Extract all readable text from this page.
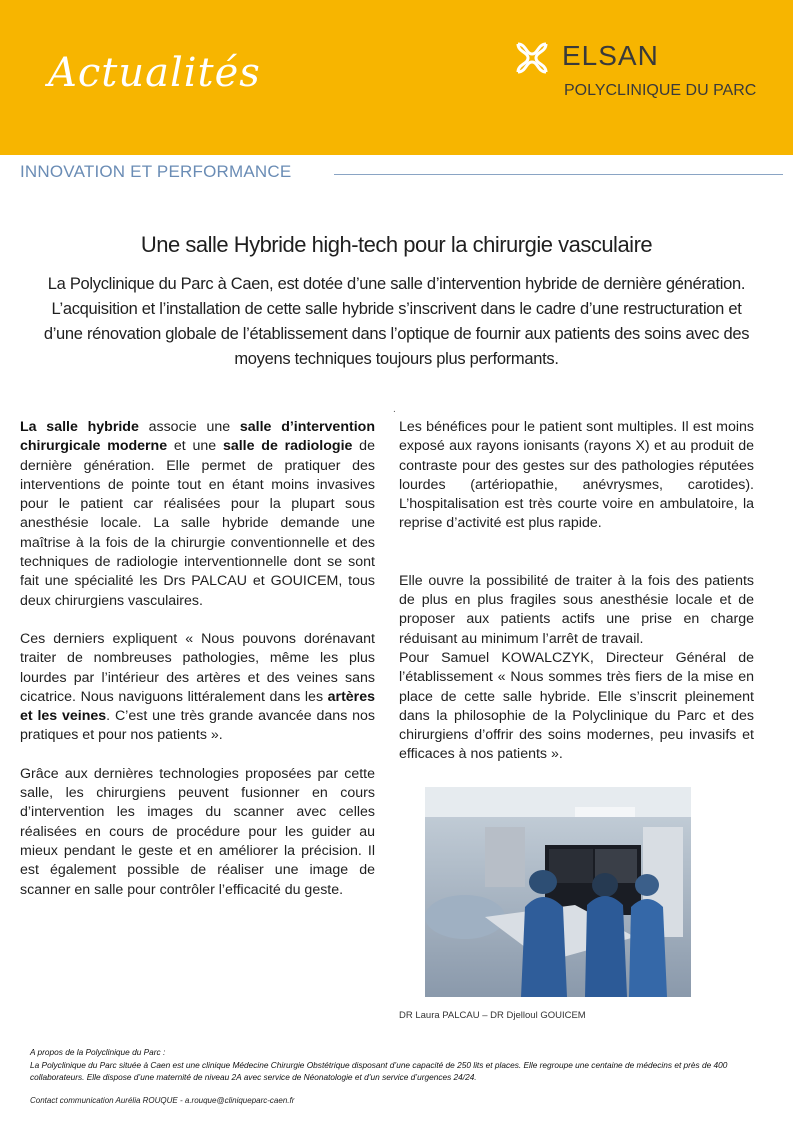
Actualités	ELSAN
POLYCLINIQUE DU PARC
INNOVATION ET PERFORMANCE
Une salle Hybride high-tech pour la chirurgie vasculaire
La Polyclinique du Parc à Caen, est dotée d’une salle d’intervention hybride de dernière génération. L’acquisition et l’installation de cette salle hybride s’inscrivent dans le cadre d’une restructuration et d’une rénovation globale de l’établissement dans l’optique de fournir aux patients des soins avec des moyens techniques toujours plus performants.
.

La salle hybride associe une salle d’intervention chirurgicale moderne et une salle de radiologie de dernière génération. Elle permet de pratiquer des interventions de pointe tout en étant moins invasives pour le patient car réalisées pour la plupart sous anesthésie locale. La salle hybride demande une maîtrise à la fois de la chirurgie conventionnelle et des techniques de radiologie interventionnelle dont se sont fait une spécialité les Drs PALCAU et GOUICEM, tous deux chirurgiens vasculaires.

Ces derniers expliquent « Nous pouvons dorénavant traiter de nombreuses pathologies, même les plus lourdes par l’intérieur des artères et des veines sans cicatrice. Nous naviguons littéralement dans les artères et les veines. C’est une très grande avancée dans nos pratiques et pour nos patients ».

Grâce aux dernières technologies proposées par cette salle, les chirurgiens peuvent fusionner en cours d’intervention les images du scanner avec celles réalisées en cours de procédure pour les guider au mieux pendant le geste et en améliorer la précision. Il est également possible de réaliser une image de scanner en salle pour contrôler l’efficacité du geste.

Les bénéfices pour le patient sont multiples. Il est moins exposé aux rayons ionisants (rayons X) et au produit de contraste pour des gestes sur des pathologies réputées lourdes (artériopathie, anévrysmes, carotides). L’hospitalisation est très courte voire en ambulatoire, la reprise d’activité est plus rapide.

Elle ouvre la possibilité de traiter à la fois des patients de plus en plus fragiles sous anesthésie locale et de proposer aux patients actifs une prise en charge réduisant au minimum l’arrêt de travail.

Pour Samuel KOWALCZYK, Directeur Général de l’établissement « Nous sommes très fiers de la mise en place de cette salle hybride. Elle s’inscrit pleinement dans la philosophie de la Polyclinique du Parc et des chirurgiens d’offrir des soins modernes, peu invasifs et efficaces à nos patients ».

DR Laura PALCAU – DR Djelloul GOUICEM
A propos de la Polyclinique du Parc :
La Polyclinique du Parc située à Caen est une clinique Médecine Chirurgie Obstétrique disposant d’une capacité de 250 lits et places. Elle regroupe une centaine de médecins et près de 400 collaborateurs. Elle dispose d’une maternité de niveau 2A avec service de Néonatologie et d’un service d’urgences 24/24.
Contact communication Aurélia ROUQUE - a.rouque@cliniqueparc-caen.fr
